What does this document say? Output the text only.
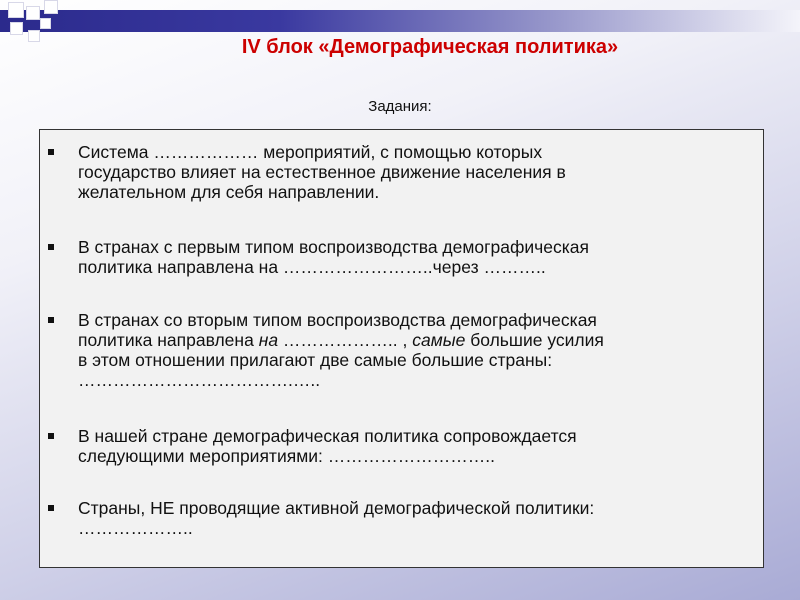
IV блок «Демографическая политика»
Задания:
Система ……………… мероприятий, с помощью которых
государство влияет на естественное движение населения в
желательном для себя направлении.
В странах с первым типом воспроизводства демографическая
политика направлена на ……………………..через ………..
В странах со вторым типом воспроизводства демографическая
политика направлена на ……………….. , самые большие усилия
в этом отношении прилагают две самые большие страны:
……………………………….…..
В нашей стране демографическая политика сопровождается
следующими мероприятиями: ………………………..
Страны, НЕ проводящие активной демографической политики:
………………..
